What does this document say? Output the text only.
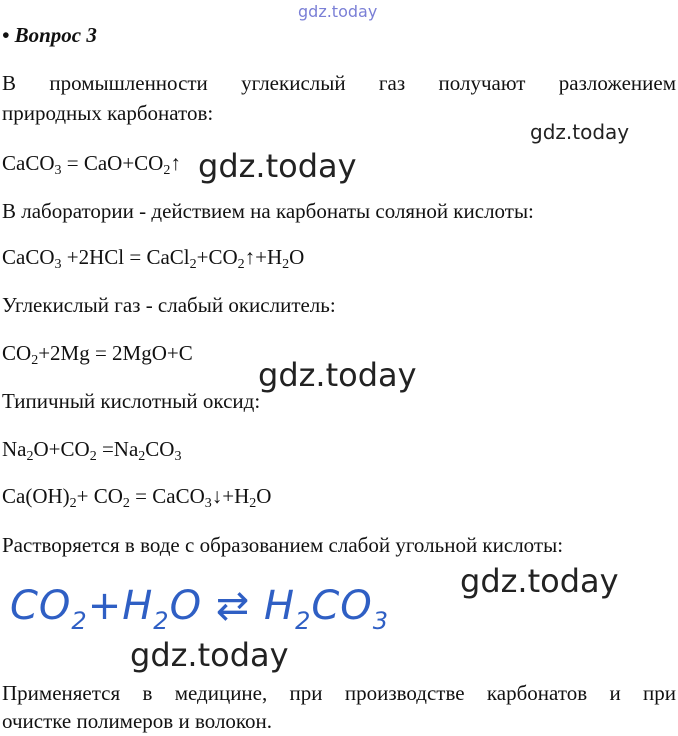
gdz.today
• Вопрос 3
В промышленности углекислый газ получают разложением
природных карбонатов:
gdz.today
CaCO$_3$ = $CaO+CO_2↑$ gdz.today
В лаборатории - действием на карбонаты соляной кислоты:
CaCO$_3$ $+2HCl = CaCl_2+CO_2↑+H_2O$
Углекислый газ - слабый окислитель:
$CO_2+2Mg = 2MgO+C$
gdz.today
Типичный кислотный оксид:
$Na_2O+CO_2 =Na_2CO_3$
$Ca(OH)_2+ CO_2$ = $CaCO_3↓+H_2O$
Растворяется в воде с образованием слабой угольной кислоты:
gdz.today
$CO_2+H_2O$ ⇄ $H_2CO_3$
gdz.today
Применяется в медицине, при производстве карбонатов и при
очистке полимеров и волокон.
